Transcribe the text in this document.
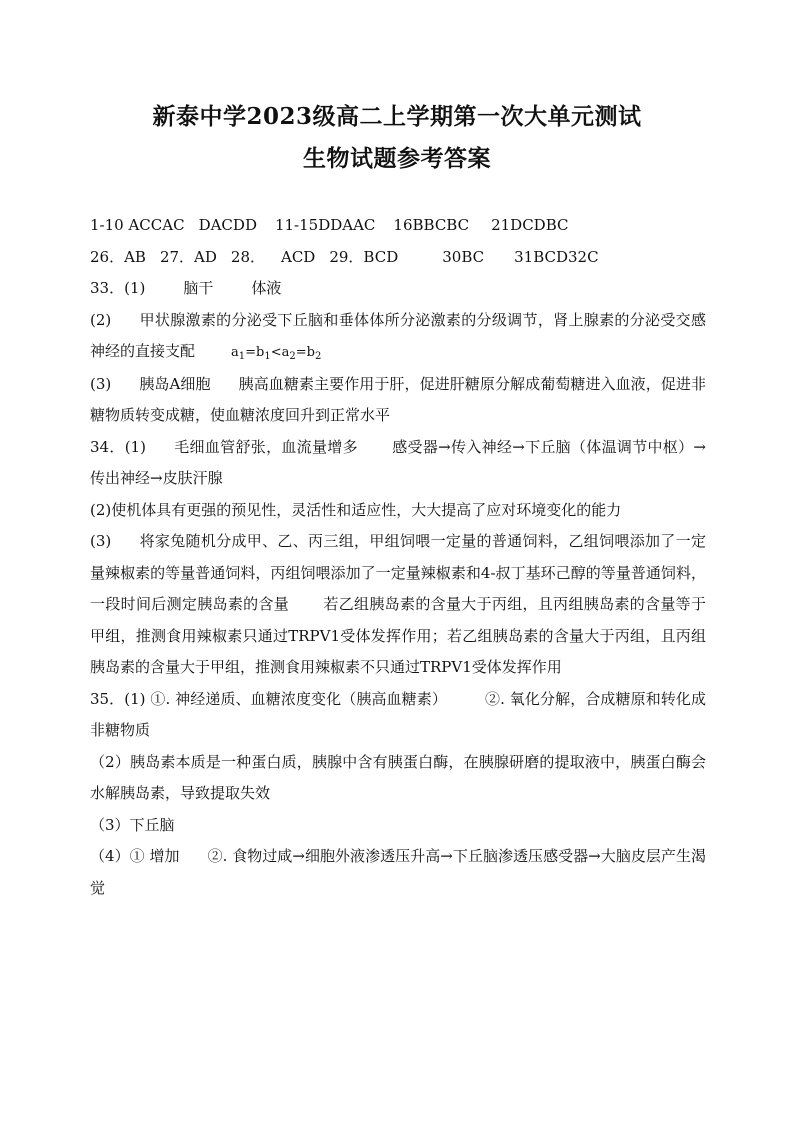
新泰中学2023级高二上学期第一次大单元测试
生物试题参考答案
1-10 ACCAC DACDD 11-15DDAAC 16BBCBC 21DCDBC
26．AB 27．AD 28． ACD 29．BCD	30BC 31BCD32C
33．(1)	脑干	体液
(2) 甲状腺激素的分泌受下丘脑和垂体体所分泌激素的分级调节，肾上腺素的分泌受交感神经的直接支配	$a_1=b_1<a_2=b_2$
(3) 胰岛A细胞 胰高血糖素主要作用于肝，促进肝糖原分解成葡萄糖进入血液，促进非糖物质转变成糖，使血糖浓度回升到正常水平
34．(1) 毛细血管舒张，血流量增多 感受器→传入神经→下丘脑（体温调节中枢）→传出神经→皮肤汗腺
(2)使机体具有更强的预见性，灵活性和适应性，大大提高了应对环境变化的能力
(3) 将家兔随机分成甲、乙、丙三组，甲组饲喂一定量的普通饲料，乙组饲喂添加了一定量辣椒素的等量普通饲料，丙组饲喂添加了一定量辣椒素和4-叔丁基环己醇的等量普通饲料，一段时间后测定胰岛素的含量 若乙组胰岛素的含量大于丙组，且丙组胰岛素的含量等于甲组，推测食用辣椒素只通过TRPV1受体发挥作用；若乙组胰岛素的含量大于丙组，且丙组胰岛素的含量大于甲组，推测食用辣椒素不只通过TRPV1受体发挥作用
35．(1) ①. 神经递质、血糖浓度变化（胰高血糖素）	②. 氧化分解，合成糖原和转化成非糖物质
（2）胰岛素本质是一种蛋白质，胰腺中含有胰蛋白酶，在胰腺研磨的提取液中，胰蛋白酶会水解胰岛素，导致提取失效
（3）下丘脑
（4）① 增加 ②. 食物过咸→细胞外液渗透压升高→下丘脑渗透压感受器→大脑皮层产生渴觉
